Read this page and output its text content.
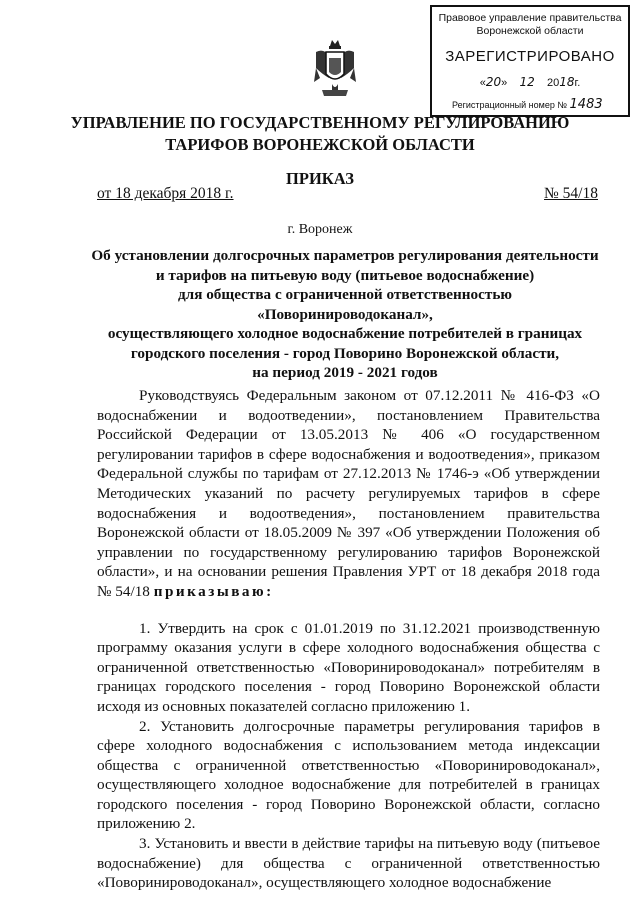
Правовое управление правительства
Воронежской области
ЗАРЕГИСТРИРОВАНО
«20»    12 2018г.
Регистрационный номер № 1483
УПРАВЛЕНИЕ ПО ГОСУДАРСТВЕННОМУ РЕГУЛИРОВАНИЮ
ТАРИФОВ ВОРОНЕЖСКОЙ ОБЛАСТИ
ПРИКАЗ
от 18 декабря 2018 г.	№ 54/18
г. Воронеж
Об установлении долгосрочных параметров регулирования деятельности
и тарифов на питьевую воду (питьевое водоснабжение)
для общества с ограниченной ответственностью «Поворинироводоканал»,
осуществляющего холодное водоснабжение потребителей в границах
городского поселения - город Поворино Воронежской области,
на период 2019 - 2021 годов

Руководствуясь Федеральным законом от 07.12.2011 № 416-ФЗ «О водоснабжении и водоотведении», постановлением Правительства Российской Федерации от 13.05.2013 № 406 «О государственном регулировании тарифов в сфере водоснабжения и водоотведения», приказом Федеральной службы по тарифам от 27.12.2013 № 1746-э «Об утверждении Методических указаний по расчету регулируемых тарифов в сфере водоснабжения и водоотведения», постановлением правительства Воронежской области от 18.05.2009 № 397 «Об утверждении Положения об управлении по государственному регулированию тарифов Воронежской области», и на основании решения Правления УРТ от 18 декабря 2018 года № 54/18 приказываю:

1. Утвердить на срок с 01.01.2019 по 31.12.2021 производственную программу оказания услуги в сфере холодного водоснабжения общества с ограниченной ответственностью «Поворинироводоканал» потребителям в границах городского поселения - город Поворино Воронежской области исходя из основных показателей согласно приложению 1.

2. Установить долгосрочные параметры регулирования тарифов в сфере холодного водоснабжения с использованием метода индексации общества с ограниченной ответственностью «Поворинироводоканал», осуществляющего холодное водоснабжение для потребителей в границах городского поселения - город Поворино Воронежской области, согласно приложению 2.

3. Установить и ввести в действие тарифы на питьевую воду (питьевое водоснабжение) для общества с ограниченной ответственностью «Поворинироводоканал», осуществляющего холодное водоснабжение
